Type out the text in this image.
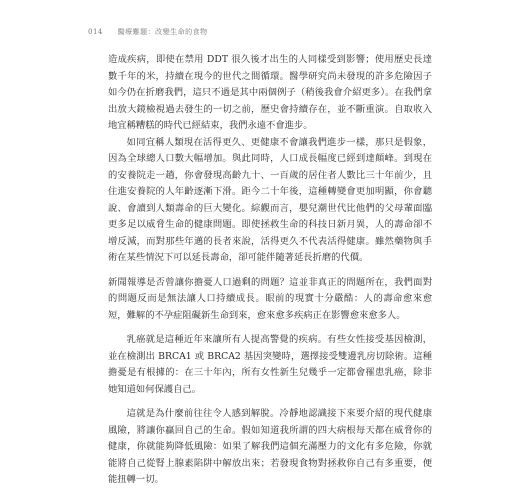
014 醫療難題：改變生命的食物

造成疾病，即使在禁用 DDT 很久後才出生的人同樣受到影響；使用歷史長達數千年的米，持續在現今的世代之間循環。醫學研究尚未發現的許多危險因子如今仍在折磨我們，這只不過是其中兩個例子（稍後我會介紹更多）。在我們拿出放大鏡檢視過去發生的一切之前，歷史會持續存在，並不斷重演。自取收入地宜稱糟糕的時代已經結束，我們永遠不會進步。

如同宜稱人類現在活得更久、更健康不會讓我們進步一樣，那只是假象，因為全球總人口數大幅增加。與此同時，人口成長幅度已經到達顛峰。到現在的安養院走一趟，你會發現高齡九十、一百歲的居住者人數比三十年前少，且住進安養院的人年齡逐漸下滑。距今二十年後，這種轉變會更加明顯，你會聽說、會讀到人類壽命的巨大變化。綜觀而言，嬰兒潮世代比他們的父母輩面臨更多足以威脅生命的健康問題。即使拯救生命的科技日新月異，人的壽命卻不增反減，而對那些年邁的長者來說，活得更久不代表活得健康。雖然藥物與手術在某些情況下可以延長壽命，卻可能伴隨著延長折磨的代價。

新聞報導是否曾讓你擔憂人口過剩的問題？這並非真正的問題所在，我們面對的問題反而是無法讓人口持續成長。眼前的現實十分嚴酷：人的壽命愈來愈短，難解的不孕症阻礙新生命到來，愈來愈多疾病正在影響愈來愈多人。

乳癌就是這種近年來讓所有人提高警覺的疾病。有些女性接受基因檢測，並在檢測出 BRCA1 或 BRCA2 基因突變時，選擇接受雙邊乳房切除術。這種擔憂是有根據的：在三十年內，所有女性新生兒幾乎一定都會罹患乳癌，除非她知道如何保護自己。

這就是為什麼前往往令人感到解脫。冷靜地認識接下來要介紹的現代健康風險，將讓你贏回自己的生命。假如知道我所謂的四大病根每天都在威脅你的健康，你就能夠降低風險：如果了解我們這個充滿壓力的文化有多危險，你就能將自己從腎上腺素陷阱中解放出來；若發現食物對拯救你自己有多重要，便能扭轉一切。
